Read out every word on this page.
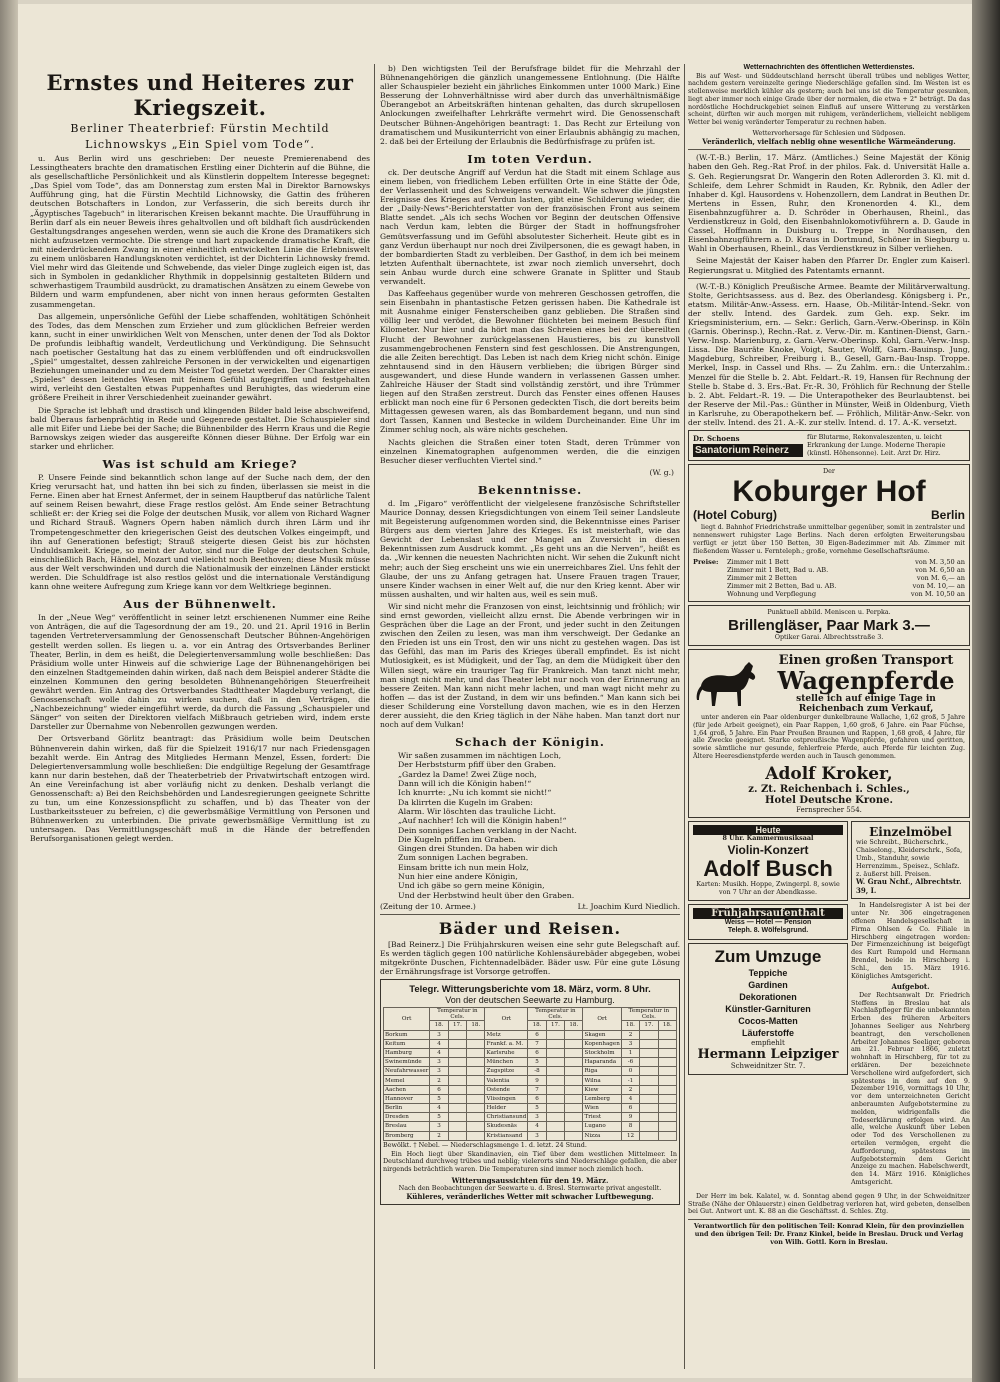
Ernstes und Heiteres zur Kriegszeit.
Berliner Theaterbrief: Fürstin Mechtild
Lichnowskys „Ein Spiel vom Tode“.

u. Aus Berlin wird uns geschrieben: Der neueste Premierenabend des Lessingtheaters brachte den dramatischen Erstling einer Dichterin auf die Bühne, die als gesellschaftliche Persönlichkeit und als Künstlerin doppeltem Interesse begegnet: „Das Spiel vom Tode“, das am Donnerstag zum ersten Mal in Direktor Barnowskys Aufführung ging, hat die Fürstin Mechtild Lichnowsky, die Gattin des früheren deutschen Botschafters in London, zur Verfasserin, die sich bereits durch ihr „Ägyptisches Tagebuch“ in literarischen Kreisen bekannt machte. Die Uraufführung in Berlin darf als ein neuer Beweis ihres gehaltvollen und oft bildhaft ſich ausdrückenden Gestaltungsdranges angesehen werden, wenn sie auch die Krone des Dramatikers sich nicht aufzusetzen vermochte. Die strenge und hart zupackende dramatische Kraft, die mit niederdrückendem Zwang in einer einheitlich entwickelten Linie die Erlebniswelt zu einem unlösbaren Handlungsknoten verdichtet, ist der Dichterin Lichnowsky fremd. Viel mehr wird das Gleitende und Schwebende, das vieler Dinge zugleich eigen ist, das sich in Symbolen in gedanklicher Rhythmik in doppelsinnig gestalteten Bildern und schwerhastigem Traumbild ausdrückt, zu dramatischen Ansätzen zu einem Gewebe von Bildern und warm empfundenen, aber nicht von innen heraus geformten Gestalten zusammengetan.

Das allgemein, unpersönliche Gefühl der Liebe schaffenden, wohltätigen Schönheit des Todes, das dem Menschen zum Erzieher und zum glücklichen Befreier werden kann, sucht in einer unwirklichen Welt von Menschen, unter denen der Tod als Doktor De profundis leibhaftig wandelt, Verdeutlichung und Verkündigung. Die Sehnsucht nach poetischer Gestaltung hat das zu einem verblüffenden und oft eindrucksvollen „Spiel“ umgestaltet, dessen zahlreiche Personen in der verwickelten und eigenartigen Beziehungen umeinander und zu dem Meister Tod gesetzt werden. Der Charakter eines „Spieles“ dessen leitendes Wesen mit feinem Gefühl aufgegriffen und festgehalten wird, verleiht den Gestalten etwas Puppenhaftes und Beruhigtes, das wiederum eine größere Freiheit in ihrer Verschiedenheit zueinander gewährt.

Die Sprache ist lebhaft und drastisch und klingenden Bilder bald leise abschweifend, bald Überaus farbenprächtig in Rede und Gegenrede gestaltet. Die Schauspieler sind alle mit Eifer und Liebe bei der Sache; die Bühnenbilder des Herrn Kraus und die Regie Barnowskys zeigen wieder das ausgereifte Können dieser Bühne. Der Erfolg war ein starker und ehrlicher.

Was ist schuld am Kriege?

P. Unsere Feinde sind bekanntlich schon lange auf der Suche nach dem, der den Krieg verursacht hat, und hatten ihn bei sich zu finden, überlassen sie meist in die Ferne. Einen aber hat Ernest Anfermet, der in seinem Hauptberuf das natürliche Talent auf seinem Reisen bewahrt, diese Frage restlos gelöst. Am Ende seiner Betrachtung schließt er: der Krieg sei die Folge der deutschen Musik, vor allem von Richard Wagner und Richard Strauß. Wagners Opern haben nämlich durch ihren Lärm und ihr Trompetengeschmetter den kriegerischen Geist des deutschen Volkes eingeimpft, und ihn auf Generationen befestigt; Strauß steigerte diesen Geist bis zur höchsten Unduldsamkeit. Kriege, so meint der Autor, sind nur die Folge der deutschen Schule, einschließlich Bach, Händel, Mozart und vielleicht noch Beethoven; diese Musik müsse aus der Welt verschwinden und durch die Nationalmusik der einzelnen Länder erstickt werden. Die Schuldfrage ist also restlos gelöst und die internationale Verständigung kann ohne weitere Aufregung zum Kriege kann vor dem Weltkriege beginnen.

Aus der Bühnenwelt.

In der „Neue Weg“ veröffentlicht in seiner letzt erschienenen Nummer eine Reihe von Anträgen, die auf die Tagesordnung der am 19., 20. und 21. April 1916 in Berlin tagenden Vertreterversammlung der Genossenschaft Deutscher Bühnen-Angehörigen gestellt werden sollen. Es liegen u. a. vor ein Antrag des Ortsverbandes Berliner Theater, Berlin, in dem es heißt, die Delegiertenversammlung wolle beschließen: Das Präsidium wolle unter Hinweis auf die schwierige Lage der Bühnenangehörigen bei den einzelnen Stadtgemeinden dahin wirken, daß nach dem Beispiel anderer Städte die einzelnen Kommunen den gering besoldeten Bühnenangehörigen Steuerfreiheit gewährt werden. Ein Antrag des Ortsverbandes Stadttheater Magdeburg verlangt, die Genossenschaft wolle dahin zu wirken suchen, daß in den Verträgen, die „Nachbezeichnung“ wieder eingeführt werde, da durch die Fassung „Schauspieler und Sänger“ von seiten der Direktoren vielfach Mißbrauch getrieben wird, indem erste Darsteller zur Übernahme von Nebenrollen gezwungen werden.

Der Ortsverband Görlitz beantragt: das Präsidium wolle beim Deutschen Bühnenverein dahin wirken, daß für die Spielzeit 1916/17 nur nach Friedensgagen bezahlt werde. Ein Antrag des Mitgliedes Hermann Menzel, Essen, fordert: Die Delegiertenversammlung wolle beschließen: Die endgültige Regelung der Gesamtfrage kann nur darin bestehen, daß der Theaterbetrieb der Privatwirtschaft entzogen wird. An eine Vereinfachung ist aber vorläufig nicht zu denken. Deshalb verlangt die Genossenschaft: a) Bei den Reichsbehörden und Landesregierungen geeignete Schritte zu tun, um eine Konzessionspflicht zu schaffen, und b) das Theater von der Lustbarkeitssteuer zu befreien, c) die gewerbsmäßige Vermittlung von Personen und Bühnenwerken zu unterbinden. Die private gewerbsmäßige Vermittlung ist zu untersagen. Das Vermittlungsgeschäft muß in die Hände der betreffenden Berufsorganisationen gelegt werden.

b) Den wichtigsten Teil der Berufsfrage bildet für die Mehrzahl der Bühnenangehörigen die gänzlich unangemessene Entlohnung. (Die Hälfte aller Schauspieler bezieht ein jährliches Einkommen unter 1000 Mark.) Eine Besserung der Lohnverhältnisse wird aber durch das unverhältnismäßige Überangebot an Arbeitskräften hintenan gehalten, das durch skrupellosen Anlockungen zweifelhafter Lehrkräfte vermehrt wird. Die Genossenschaft Deutscher Bühnen-Angehörigen beantragt: 1. Das Recht zur Erteilung von dramatischem und Musikunterricht von einer Erlaubnis abhängig zu machen, 2. daß bei der Erteilung der Erlaubnis die Bedürfnisfrage zu prüfen ist.

Im toten Verdun.

ck. Der deutsche Angriff auf Verdun hat die Stadt mit einem Schlage aus einem lieben, von friedlichem Leben erfüllten Orte in eine Stätte der Öde, der Verlassenheit und des Schweigens verwandelt. Wie schwer die jüngsten Ereignisse des Krieges auf Verdun lasten, gibt eine Schilderung wieder, die der „Daily-News“-Berichterstatter von der französischen Front aus seinem Blatte sendet. „Als ich sechs Wochen vor Beginn der deutschen Offensive nach Verdun kam, lebten die Bürger der Stadt in hoffnungsfroher Gemütsverfassung und im Gefühl absolutester Sicherheit. Heute gibt es in ganz Verdun überhaupt nur noch drei Zivilpersonen, die es gewagt haben, in der bombardierten Stadt zu verbleiben. Der Gasthof, in dem ich bei meinem letzten Aufenthalt übernachtete, ist zwar noch ziemlich unversehrt, doch sein Anbau wurde durch eine schwere Granate in Splitter und Staub verwandelt.

Das Kaffeehaus gegenüber wurde von mehreren Geschossen getroffen, die sein Eisenbahn in phantastische Fetzen gerissen haben. Die Kathedrale ist mit Ausnahme einiger Fensterscheiben ganz geblieben. Die Straßen sind völlig leer und verödet, die Bewohner flüchteten bei meinem Besuch fünf Kilometer. Nur hier und da hört man das Schreien eines bei der übereilten Flucht der Bewohner zurückgelassenen Haustieres, bis zu kunstvoll zusammengebrochenen Fenstern sind fest geschlossen. Die Anstrengungen, die alle Zeiten berechtigt. Das Leben ist nach dem Krieg nicht schön. Einige zehntausend sind in den Häusern verblieben; die übrigen Bürger sind ausgewandert, und diese Hunde wandern in verlassenen Gassen umher. Zahlreiche Häuser der Stadt sind vollständig zerstört, und ihre Trümmer liegen auf den Straßen zerstreut. Durch das Fenster eines offenen Hauses erblickt man noch eine für 6 Personen gedeckten Tisch, die dort bereits beim Mittagessen gewesen waren, als das Bombardement begann, und nun sind dort Tassen, Kannen und Bestecke in wildem Durcheinander. Eine Uhr im Zimmer schlug noch, als wäre nichts geschehen.

Nachts gleichen die Straßen einer toten Stadt, deren Trümmer von einzelnen Kinematographen aufgenommen werden, die die einzigen Besucher dieser verfluchten Viertel sind.“

(W. g.)
Bekenntnisse.

d. Im „Figaro“ veröffentlicht der vielgelesene französische Schriftsteller Maurice Donnay, dessen Kriegsdichtungen von einem Teil seiner Landsleute mit Begeisterung aufgenommen worden sind, die Bekenntnisse eines Pariser Bürgers aus dem vierten Jahre des Krieges. Es ist meisterhaft, wie das Gewicht der Lebenslast und der Mangel an Zuversicht in diesen Bekenntnissen zum Ausdruck kommt. „Es geht uns an die Nerven“, heißt es da. „Wir kennen die neuesten Nachrichten nicht. Wir sehen die Zukunft nicht mehr; auch der Sieg erscheint uns wie ein unerreichbares Ziel. Uns fehlt der Glaube, der uns zu Anfang getragen hat. Unsere Frauen tragen Trauer, unsere Kinder wachsen in einer Welt auf, die nur den Krieg kennt. Aber wir müssen aushalten, und wir halten aus, weil es sein muß.

Wir sind nicht mehr die Franzosen von einst, leichtsinnig und fröhlich; wir sind ernst geworden, vielleicht allzu ernst. Die Abende verbringen wir in Gesprächen über die Lage an der Front, und jeder sucht in den Zeitungen zwischen den Zeilen zu lesen, was man ihm verschweigt. Der Gedanke an den Frieden ist uns ein Trost, den wir uns nicht zu gestehen wagen. Das ist das Gefühl, das man im Paris des Krieges überall empfindet. Es ist nicht Mutlosigkeit, es ist Müdigkeit, und der Tag, an dem die Müdigkeit über den Willen siegt, wäre ein trauriger Tag für Frankreich. Man tanzt nicht mehr, man singt nicht mehr, und das Theater lebt nur noch von der Erinnerung an bessere Zeiten. Man kann nicht mehr lachen, und man wagt nicht mehr zu hoffen — das ist der Zustand, in dem wir uns befinden.“ Man kann sich bei dieser Schilderung eine Vorstellung davon machen, wie es in den Herzen derer aussieht, die den Krieg täglich in der Nähe haben. Man tanzt dort nur noch auf dem Vulkan!

Schach der Königin.
Wir saßen zusammen im nächtigen Loch,
Der Herbststurm pfiff über den Graben.
„Gardez la Dame! Zwei Züge noch,
Dann will ich die Königin haben!“
Ich knurrte: „Nu ich kommt sie nicht!“
Da klirrten die Kugeln im Graben:
Alarm. Wir löschten das trauliche Licht.
„Auf nachher! Ich will die Königin haben!“
Dein sonniges Lachen verklang in der Nacht.
Die Kugeln pfiffen im Graben.
Gingen drei Stunden. Da haben wir dich
Zum sonnigen Lachen begraben.
Einsam britte ich nun mein Holz,
Nun hier eine andere Königin,
Und ich gäbe so gern meine Königin,
Und der Herbstwind heult über den Graben.
(Zeitung der 10. Armee.)	Lt. Joachim Kurd Niedlich.
Bäder und Reisen.

[Bad Reinerz.] Die Frühjahrskuren weisen eine sehr gute Belegschaft auf. Es werden täglich gegen 100 natürliche Kohlensäurebäder abgegeben, wobei mitgekrönte Duschen, Fichtennadelbäder. Bäder usw. Für eine gute Lösung der Ernährungsfrage ist Vorsorge getroffen.

Telegr. Witterungsberichte vom 18. März, vorm. 8 Uhr.
Von der deutschen Seewarte zu Hamburg.
Ort	Temperatur in Cels.			Ort	Temperatur in Cels.			Ort	Temperatur in Cels.		
	18.	17.	18.		18.	17.	18.		18.	17.	18.
Borkum	3			Metz	6			Skagen	2		
Keitum	4			Frankf. a. M.	7			Kopenhagen	3		
Hamburg	4			Karlsruhe	6			Stockholm	1		
Swinemünde	3			München	5			Haparanda	-6		
Neufahrwasser	3			Zugspitze	-8			Riga	0		
Memel	2			Valentia	9			Wilna	-1		
Aachen	6			Ostende	7			Kiew	2		
Hannover	5			Vlissingen	6			Lemberg	4		
Berlin	4			Helder	5			Wien	6		
Dresden	5			Christiansund	3			Triest	9		
Breslau	3			Skudesnäs	4			Lugano	8		
Bromberg	2			Kristiansand	3			Nizza	12		
Bewölkt. † Nebel. — Niederschlagsmenge 1. d. letzt. 24 Stund.

Ein Hoch liegt über Skandinavien, ein Tief über dem westlichen Mittelmeer. In Deutschland durchweg trübes und neblig; vielerorts sind Niederschläge gefallen, die aber nirgends beträchtlich waren. Die Temperaturen sind immer noch ziemlich hoch.

Witterungsaussichten für den 19. März.
Nach den Beobachtungen der Seewarte u. d. Bresl. Sternwarte privat angestellt.
Kühleres, veränderliches Wetter mit schwacher Luftbewegung.
Wetternachrichten des öffentlichen Wetterdienstes.

Bis auf West- und Süddeutschland herrscht überall trübes und nebliges Wetter, nachdem gestern vereinzelte geringe Niederschläge gefallen sind. Im Westen ist es stellenweise merklich kühler als gestern; auch bei uns ist die Temperatur gesunken, liegt aber immer noch einige Grade über der normalen, die etwa + 2° beträgt. Da das nordöstliche Hochdruckgebiet seinen Einfluß auf unsere Witterung zu verstärken scheint, dürften wir auch morgen mit ruhigem, veränderlichem, vielleicht nebligem Wetter bei wenig veränderter Temperatur zu rechnen haben.

Wettervorhersage für Schlesien und Südposen.
Veränderlich, vielfach neblig ohne wesentliche Wärmeänderung.

(W.-T.-B.) Berlin, 17. März. (Amtliches.) Seine Majestät der König haben den Geh. Reg.-Rat Prof. in der philos. Fak. d. Universität Halle a. S. Geh. Regierungsrat Dr. Wangerin den Roten Adlerorden 3. Kl. mit d. Schleife, dem Lehrer Schmidt in Rauden, Kr. Rybnik, den Adler der Inhaber d. Kgl. Hausordens v. Hohenzollern, dem Landrat in Beuthen Dr. Mertens in Essen, Ruhr, den Kronenorden 4. Kl., dem Eisenbahnzugführer a. D. Schröder in Oberhausen, Rheinl., das Verdienstkreuz in Gold, den Eisenbahnlokomotivführern a. D. Gaude in Cassel, Hoffmann in Duisburg u. Treppe in Nordhausen, den Eisenbahnzugführern a. D. Kraus in Dortmund, Schöner in Siegburg u. Wahl in Oberhausen, Rheinl., das Verdienstkreuz in Silber verliehen.

Seine Majestät der Kaiser haben den Pfarrer Dr. Engler zum Kaiserl. Regierungsrat u. Mitglied des Patentamts ernannt.

(W.-T.-B.) Königlich Preußische Armee. Beamte der Militärverwaltung. Stolte, Gerichtsassess. aus d. Bez. des Oberlandesg. Königsberg i. Pr., etatsm. Militär-Anw.-Assess. ern. Haase, Ob.-Militär-Intend.-Sekr. von der stellv. Intend. des Gardek. zum Geh. exp. Sekr. im Kriegsministerium, ern. — Sekr.: Gerlich, Garn.-Verw.-Oberinsp. in Köln (Garnis. Oberinsp.), Rechn.-Rat. z. Verw.-Dir. m. Kantinen-Dienst, Garn.-Verw.-Insp. Marienburg, z. Garn.-Verw.-Oberinsp. Kohl, Garn.-Verw.-Insp. Lissa. Die Bauräte Knoke, Voigt, Sauter, Wolff, Garn.-Bauinsp. Jung, Magdeburg, Schreiber, Freiburg i. B., Gesell, Garn.-Bau-Insp. Troppe. Merkel, Insp. in Cassel und Rhs. — Zu Zahlm. ern.: die Unterzahlm.: Menzel für die Stelle b. 2. Abt. Feldart.-R. 19, Hansen für Rechnung der Stelle b. Stabe d. 3. Ers.-Bat. Fr.-R. 30, Fröhlich für Rechnung der Stelle b. 2. Abt. Feldart.-R. 19. — Die Unterapotheker des Beurlaubtenst. bei der Reserve der Mil.-Pas.: Günther in Münster, Weiß in Oldenburg, Vieth in Karlsruhe, zu Oberapothekern bef. — Fröhlich, Militär-Anw.-Sekr. von der stellv. Intend. des 21. A.-K. zur stellv. Intend. d. 17. A.-K. versetzt.

Dr. Schoens
Sanatorium Reinerz
für Blutarme, Rekonvaleszenten, u. leicht Erkrankung der Lunge. Moderne Therapie (künstl. Höhensonne). Leit. Arzt Dr. Hirz.
Der
Koburger Hof
(Hotel Coburg)	Berlin

liegt d. Bahnhof Friedrichstraße unmittelbar gegenüber, somit in zentralster und nennenswert ruhigster Lage Berlins. Nach deren erfolgten Erweiterungsbau verfügt er jetzt über 150 Betten, 30 Eigen-Badezimmer mit Ab. Zimmer mit fließendem Wasser u. Fernteleph.; große, vornehme Gesellschaftsräume.

Preise:	Zimmer mit 1 Bett	von M. 3,50 an
Zimmer mit 1 Bett, Bad u. AB.	von M. 6,50 an
Zimmer mit 2 Betten	von M. 6,— an
Zimmer mit 2 Betten, Bad u. AB.	von M. 10,— an
Wohnung und Verpflegung	von M. 10,50 an
Punktuell abbild. Meniscen u. Perpka.
Brillengläser, Paar Mark 3.—
Optiker Garai. Albrechtsstraße 3.
Einen großen Transport
Wagenpferde
stelle ich auf einige Tage in Reichenbach zum Verkauf,

unter anderen ein Paar oldenburger dunkelbraune Wallache, 1,62 groß, 5 Jahre (für jede Arbeit geeignet), ein Paar Rappen, 1,60 groß, 6 Jahre. ein Paar Füchse, 1,64 groß, 5 Jahre. Ein Paar Preußen Braunen und Rappen, 1,68 groß, 4 Jahre, für alle Zwecke geeignet. Starke ostpreußische Wagenpferde, gefahren und geritten, sowie sämtliche nur gesunde, fehlerfreie Pferde, auch Pferde für leichten Zug. Ältere Heeresdienstpferde werden auch in Tausch genommen.

Adolf Kroker,
z. Zt. Reichenbach i. Schles.,
Hotel Deutsche Krone.
Fernsprecher 554.
Heute
8 Uhr. Kammermusiksaal
Violin-Konzert
Adolf Busch
Karten: Musikh. Hoppe, Zwingerpl. 8, sowie von 7 Uhr an der Abendkasse.
Frühjahrsaufenthalt
Weiss — Hotel — Pension
Teleph. 8. Wölfelsgrund.
Zum Umzuge
Teppiche
Gardinen
Dekorationen
Künstler-Garnituren
Cocos-Matten
Läuferstoffe
empfiehlt
Hermann Leipziger
Schweidnitzer Str. 7.
Einzelmöbel
wie Schreibt., Bücherschrk., Chaiselong., Kleiderschrk., Sofa, Umb., Standuhr, sowie Herrenzimm., Speisez., Schlafz. z. äußerst bill. Preisen.
W. Grau Nchf., Albrechtstr. 39, I.

In Handelsregister A ist bei der unter Nr. 306 eingetragenen offenen Handelsgesellschaft in Firma Ohlsen & Co. Filiale in Hirschberg eingetragen worden: Der Firmenzeichnung ist beigefügt des Kurt Rumpold und Hermann Brendel, beide in Hirschberg i. Schl., den 15. März 1916. Königliches Amtsgericht.

Aufgebot.

Der Rechtsanwalt Dr. Friedrich Steffens in Breslau hat als Nachlaßpfleger für die unbekannten Erben des früheren Arbeiters Johannes Seeliger aus Nehrberg beantragt, den verschollenen Arbeiter Johannes Seeliger, geboren am 21. Februar 1866, zuletzt wohnhaft in Hirschberg, für tot zu erklären. Der bezeichnete Verschollene wird aufgefordert, sich spätestens in dem auf den 9. Dezember 1916, vormittags 10 Uhr, vor dem unterzeichneten Gericht anberaumten Aufgebotstermine zu melden, widrigenfalls die Todeserklärung erfolgen wird. An alle, welche Auskunft über Leben oder Tod des Verschollenen zu erteilen vermögen, ergeht die Aufforderung, spätestens im Aufgebotstermin dem Gericht Anzeige zu machen. Habelschwerdt, den 14. März 1916. Königliches Amtsgericht.

Der Herr im bek. Kalatel, w. d. Sonntag abend gegen 9 Uhr, in der Schweidnitzer Straße (Nähe der Ohlauerstr.) einen Geldbetrag verloren hat, wird gebeten, denselben bei Gut. Antwort unt. K. 88 an die Geschäftsst. d. Schles. Ztg.

Verantwortlich für den politischen Teil: Konrad Klein, für den provinziellen und den übrigen Teil: Dr. Franz Kinkel, beide in Breslau. Druck und Verlag von Wilh. Gottl. Korn in Breslau.
